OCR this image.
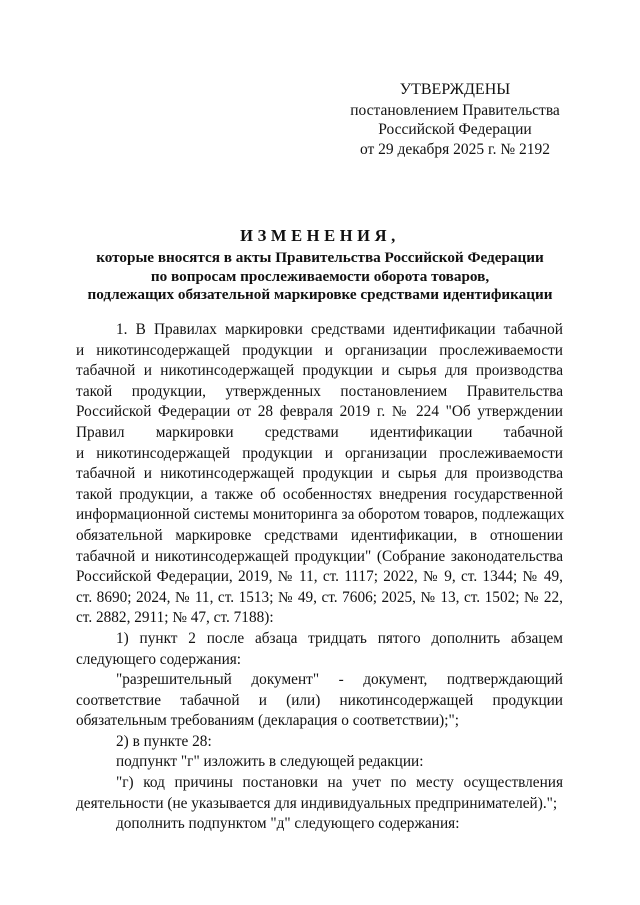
УТВЕРЖДЕНЫ
постановлением Правительства
Российской Федерации
от 29 декабря 2025 г. № 2192
ИЗМЕНЕНИЯ,
которые вносятся в акты Правительства Российской Федерации
по вопросам прослеживаемости оборота товаров,
подлежащих обязательной маркировке средствами идентификации
1. В Правилах маркировки средствами идентификации табачной
и никотинсодержащей продукции и организации прослеживаемости
табачной и никотинсодержащей продукции и сырья для производства
такой продукции, утвержденных постановлением Правительства
Российской Федерации от 28 февраля 2019 г. № 224 "Об утверждении
Правил маркировки средствами идентификации табачной
и никотинсодержащей продукции и организации прослеживаемости
табачной и никотинсодержащей продукции и сырья для производства
такой продукции, а также об особенностях внедрения государственной
информационной системы мониторинга за оборотом товаров, подлежащих
обязательной маркировке средствами идентификации, в отношении
табачной и никотинсодержащей продукции" (Собрание законодательства
Российской Федерации, 2019, № 11, ст. 1117; 2022, № 9, ст. 1344; № 49,
ст. 8690; 2024, № 11, ст. 1513; № 49, ст. 7606; 2025, № 13, ст. 1502; № 22,
ст. 2882, 2911; № 47, ст. 7188):
1) пункт 2 после абзаца тридцать пятого дополнить абзацем
следующего содержания:
"разрешительный документ" - документ, подтверждающий
соответствие табачной и (или) никотинсодержащей продукции
обязательным требованиям (декларация о соответствии);";
2) в пункте 28:
подпункт "г" изложить в следующей редакции:
"г) код причины постановки на учет по месту осуществления
деятельности (не указывается для индивидуальных предпринимателей).";
дополнить подпунктом "д" следующего содержания:
